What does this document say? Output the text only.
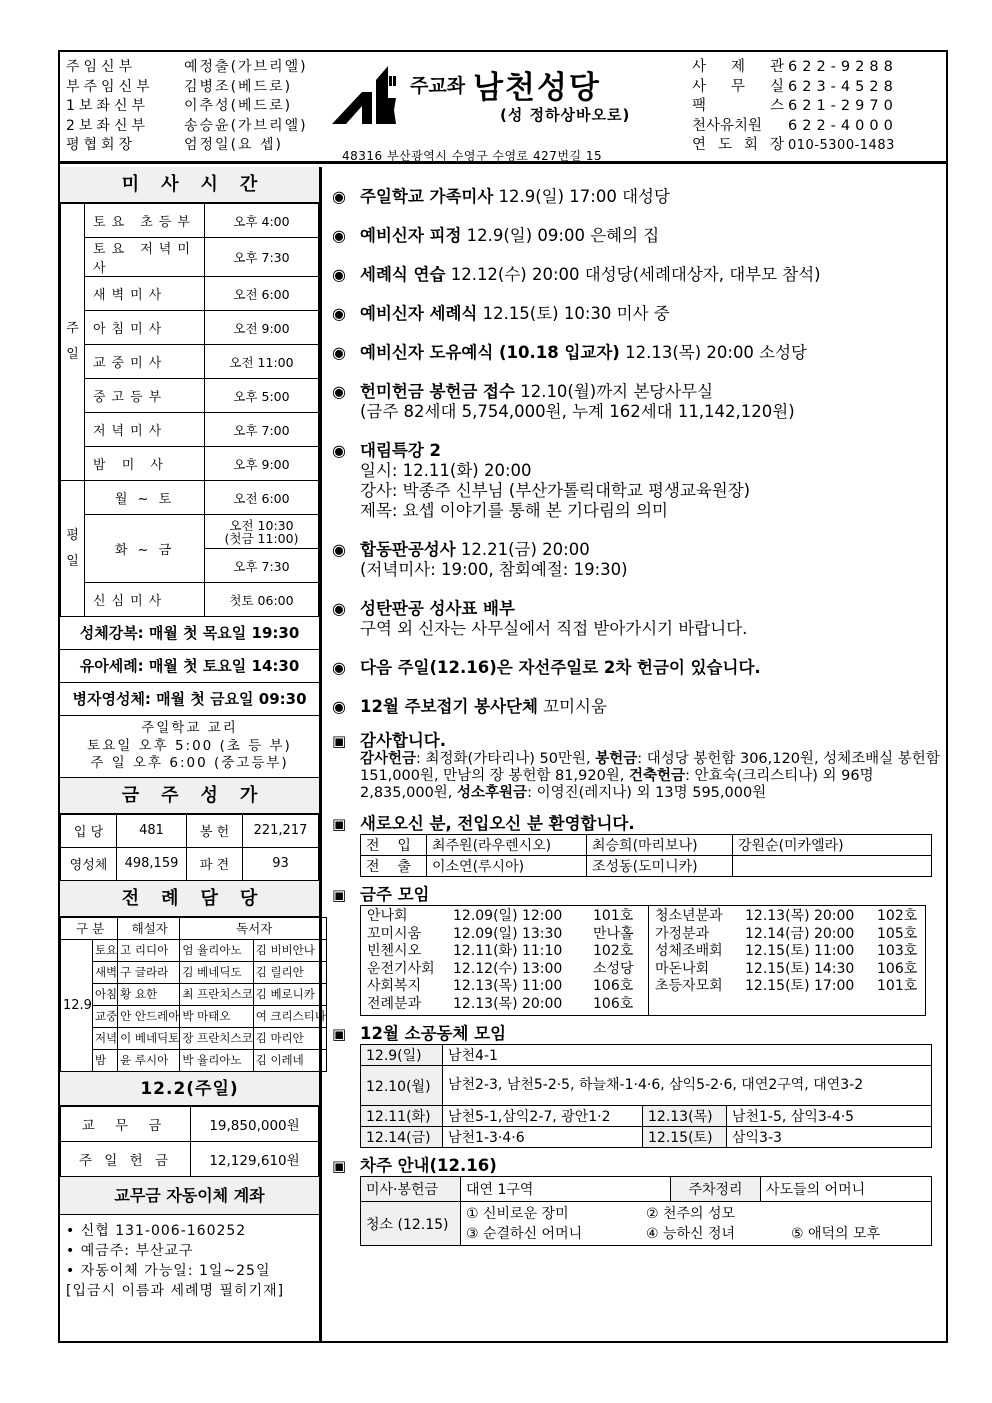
주임신부	예정출(가브리엘)
부주임신부	김병조(베드로)
1보좌신부	이추성(베드로)
2보좌신부	송승윤(가브리엘)
평협회장	엄정일(요 셉)
주교좌 남천성당
(성 정하상바오로)
48316 부산광역시 수영구 수영로 427번길 15
사 제 관 622-9288
사 무 실 623-4528
팩	스 621-2970
천사유치원 622-4000
연 도 회 장 010-5300-1483
미사시간
주일	토요 초등부	오후 4:00
	토요 저녁미사	오후 7:30
	새벽미사	오전 6:00
	아침미사	오전 9:00
	교중미사	오전 11:00
	중고등부	오후 5:00
	저녁미사	오후 7:00
	밤 미 사	오후 9:00
평일	월 ~ 토	오전 6:00
	화 ~ 금	오전 10:30
(첫금 11:00)

		오후 7:30
	신심미사	첫토 06:00
성체강복: 매월 첫 목요일 19:30
유아세례: 매월 첫 토요일 14:30
병자영성체: 매월 첫 금요일 09:30
주일학교 교리
토요일 오후 5:00 (초 등 부)
주 일 오후 6:00 (중고등부)
금주성가
입 당	481	봉 헌	221,217
영성체	498,159	파 견	93
전례담당
구 분		해설자	독서자	
12.9	토요	고 리디아	엄 율리아노	김 비비안나
	새벽	구 글라라	김 베네딕도	김 릴리안
	아침	황 요한	최 프란치스코	김 베로니카
	교중	안 안드레아	박 마태오	여 크리스티나
	저녁	이 베네딕토	장 프란치스코	김 마리안
	밤	윤 루시아	박 율리아노	김 이레네
12.2(주일)
교 무 금	19,850,000원
주 일 헌 금	12,129,610원
교무금 자동이체 계좌
• 신협 131-006-160252
• 예금주: 부산교구
• 자동이체 가능일: 1일~25일
[입금시 이름과 세례명 필히기재]
◉ 주일학교 가족미사 12.9(일) 17:00 대성당
◉ 예비신자 피정 12.9(일) 09:00 은혜의 집
◉ 세례식 연습 12.12(수) 20:00 대성당(세례대상자, 대부모 참석)
◉ 예비신자 세례식 12.15(토) 10:30 미사 중
◉ 예비신자 도유예식 (10.18 입교자) 12.13(목) 20:00 소성당
◉ 헌미헌금 봉헌금 접수 12.10(월)까지 본당사무실
(금주 82세대 5,754,000원, 누계 162세대 11,142,120원)
◉ 대림특강 2
일시: 12.11(화) 20:00
강사: 박종주 신부님 (부산가톨릭대학교 평생교육원장)
제목: 요셉 이야기를 통해 본 기다림의 의미
◉ 합동판공성사 12.21(금) 20:00
(저녁미사: 19:00, 참회예절: 19:30)
◉ 성탄판공 성사표 배부
구역 외 신자는 사무실에서 직접 받아가시기 바랍니다.
◉ 다음 주일(12.16)은 자선주일로 2차 헌금이 있습니다.
◉ 12월 주보접기 봉사단체 꼬미시움
▣ 감사합니다.
감사헌금: 최정화(가타리나) 50만원, 봉헌금: 대성당 봉헌함 306,120원, 성체조배실 봉헌함 151,000원, 만남의 장 봉헌함 81,920원, 건축헌금: 안효숙(크리스티나) 외 96명 2,835,000원, 성소후원금: 이영진(레지나) 외 13명 595,000원
▣ 새로오신 분, 전입오신 분 환영합니다.
전    입	최주원(라우렌시오)	최승희(마리보나)	강원순(미카엘라)
전    출	이소연(루시아)	조성동(도미니카)	
▣ 금주 모임
안나회	12.09(일) 12:00	101호
꼬미시움	12.09(일) 13:30	만나홀
빈첸시오	12.11(화) 11:10	102호
운전기사회	12.12(수) 13:00	소성당
사회복지	12.13(목) 11:00	106호
전례분과	12.13(목) 20:00	106호
청소년분과	12.13(목) 20:00	102호
가정분과	12.14(금) 20:00	105호
성체조배회	12.15(토) 11:00	103호
마돈나회	12.15(토) 14:30	106호
초등자모회	12.15(토) 17:00	101호
▣ 12월 소공동체 모임
12.9(일)	남천4-1		
12.10(월)	남천2-3, 남천5-2·5, 하늘채-1·4·6, 삼익5-2·6, 대연2구역, 대연3-2		
12.11(화)	남천5-1,삼익2-7, 광안1·2	12.13(목)	남천1-5, 삼익3-4·5
12.14(금)	남천1-3·4·6	12.15(토)	삼익3-3
▣ 차주 안내(12.16)
미사·봉헌금	대연 1구역	주차정리	사도들의 어머니
청소 (12.15)	① 신비로운 장미 ② 천주의 성모
③ 순결하신 어머니 ④ 능하신 정녀 ⑤ 애덕의 모후		
